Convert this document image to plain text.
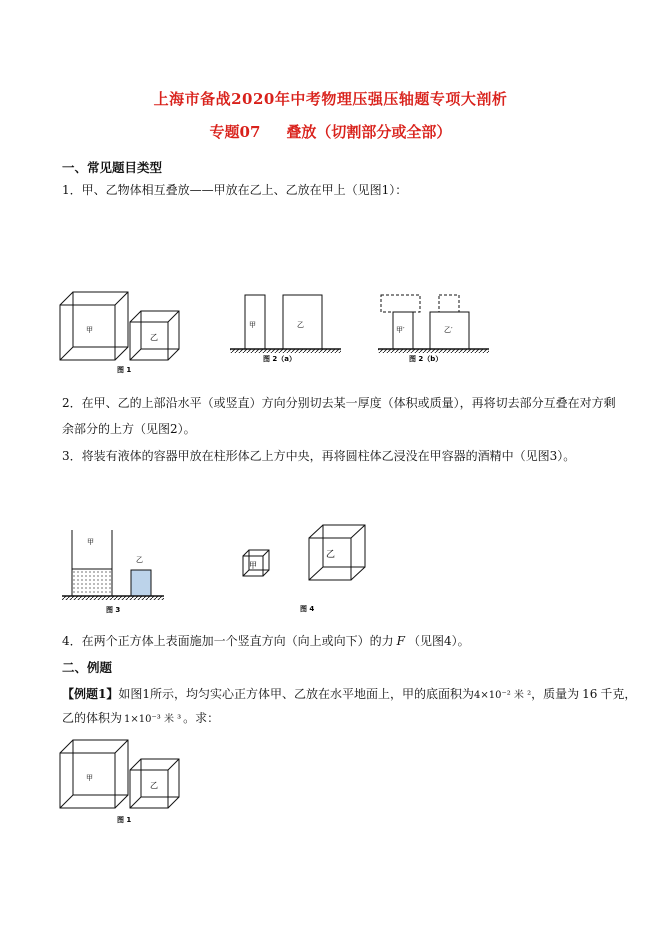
上海市备战2020年中考物理压强压轴题专项大剖析
专题07 叠放（切割部分或全部）
一、常见题目类型
1．甲、乙物体相互叠放——甲放在乙上、乙放在甲上（见图1）：
甲
乙
图 1
甲	乙
图 2（a）
甲′	乙′
图 2（b）
2．在甲、乙的上部沿水平（或竖直）方向分别切去某一厚度（体积或质量），再将切去部分互叠在对方剩
余部分的上方（见图2）。
3．将装有液体的容器甲放在柱形体乙上方中央，再将圆柱体乙浸没在甲容器的酒精中（见图3）。
甲
乙
图 3
甲
乙
图 4
4．在两个正方体上表面施加一个竖直方向（向上或向下）的力 F （见图4）。
二、例题
【例题1】如图1所示，均匀实心正方体甲、乙放在水平地面上，甲的底面积为4×10⁻² 米 ²，质量为 16 千克，
乙的体积为 1×10⁻³ 米 ³ 。求：
甲
乙
图 1
